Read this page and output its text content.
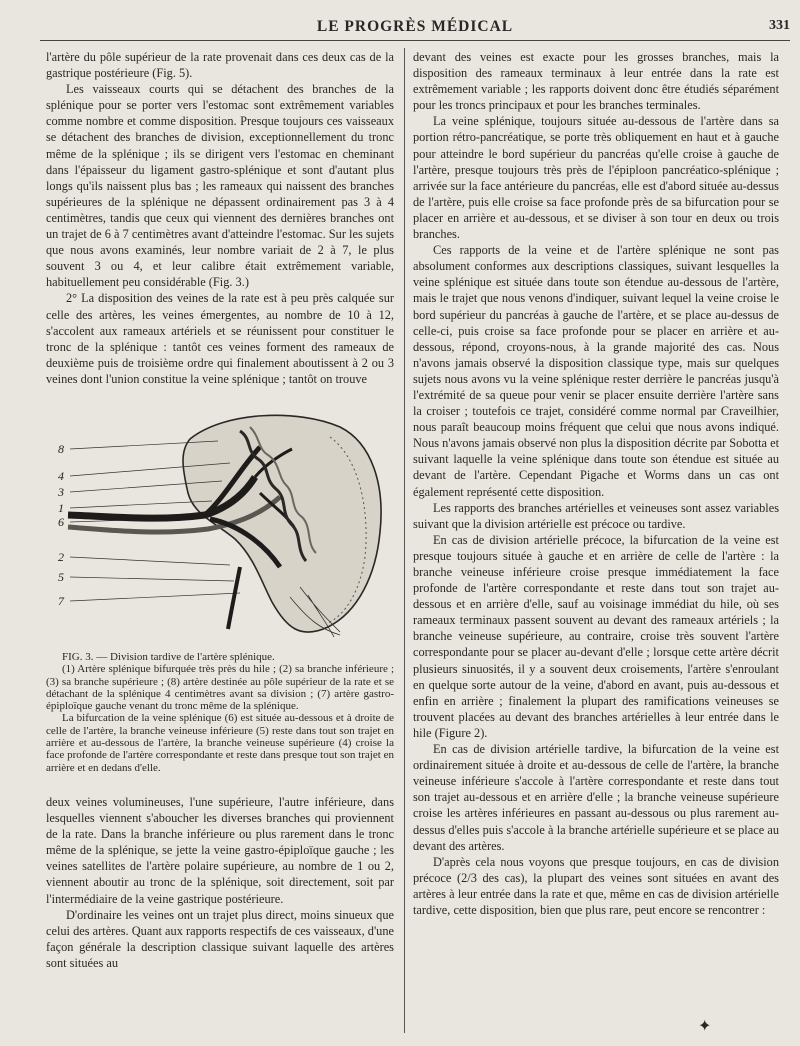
LE PROGRÈS MÉDICAL	331

l'artère du pôle supérieur de la rate provenait dans ces deux cas de la gastrique postérieure (Fig. 5).

Les vaisseaux courts qui se détachent des branches de la splénique pour se porter vers l'estomac sont extrêmement variables comme nombre et comme disposition. Presque toujours ces vaisseaux se détachent des branches de division, exceptionnellement du tronc même de la splénique ; ils se dirigent vers l'estomac en cheminant dans l'épaisseur du ligament gastro-splénique et sont d'autant plus longs qu'ils naissent plus bas ; les rameaux qui naissent des branches supérieures de la splénique ne dépassent ordinairement pas 3 à 4 centimètres, tandis que ceux qui viennent des dernières branches ont un trajet de 6 à 7 centimètres avant d'atteindre l'estomac. Sur les sujets que nous avons examinés, leur nombre variait de 2 à 7, le plus souvent 3 ou 4, et leur calibre était extrêmement variable, habituellement peu considérable (Fig. 3.)

2° La disposition des veines de la rate est à peu près calquée sur celle des artères, les veines émergentes, au nombre de 10 à 12, s'accolent aux rameaux artériels et se réunissent pour constituer le tronc de la splénique : tantôt ces veines forment des rameaux de deuxième puis de troisième ordre qui finalement aboutissent à 2 ou 3 veines dont l'union constitue la veine splénique ; tantôt on trouve

8
4
3
1
6
2
5
7

FIG. 3. — Division tardive de l'artère splénique.

(1) Artère splénique bifurquée très près du hile ; (2) sa branche inférieure ; (3) sa branche supérieure ; (8) artère destinée au pôle supérieur de la rate et se détachant de la splénique 4 centimètres avant sa division ; (7) artère gastro-épiploïque gauche venant du tronc même de la splénique.

La bifurcation de la veine splénique (6) est située au-dessous et à droite de celle de l'artère, la branche veineuse inférieure (5) reste dans tout son trajet en arrière et au-dessous de l'artère, la branche veineuse supérieure (4) croise la face profonde de l'artère correspondante et reste dans presque tout son trajet en arrière et en dedans d'elle.

deux veines volumineuses, l'une supérieure, l'autre inférieure, dans lesquelles viennent s'aboucher les diverses branches qui proviennent de la rate. Dans la branche inférieure ou plus rarement dans le tronc même de la splénique, se jette la veine gastro-épiploïque gauche ; les veines satellites de l'artère polaire supérieure, au nombre de 1 ou 2, viennent aboutir au tronc de la splénique, soit directement, soit par l'intermédiaire de la veine gastrique postérieure.

D'ordinaire les veines ont un trajet plus direct, moins sinueux que celui des artères. Quant aux rapports respectifs de ces vaisseaux, d'une façon générale la description classique suivant laquelle des artères sont situées au

devant des veines est exacte pour les grosses branches, mais la disposition des rameaux terminaux à leur entrée dans la rate est extrêmement variable ; les rapports doivent donc être étudiés séparément pour les troncs principaux et pour les branches terminales.

La veine splénique, toujours située au-dessous de l'artère dans sa portion rétro-pancréatique, se porte très obliquement en haut et à gauche pour atteindre le bord supérieur du pancréas qu'elle croise à gauche de l'artère, presque toujours très près de l'épiploon pancréatico-splénique ; arrivée sur la face antérieure du pancréas, elle est d'abord située au-dessus de l'artère, puis elle croise sa face profonde près de sa bifurcation pour se placer en arrière et au-dessous, et se diviser à son tour en deux ou trois branches.

Ces rapports de la veine et de l'artère splénique ne sont pas absolument conformes aux descriptions classiques, suivant lesquelles la veine splénique est située dans toute son étendue au-dessous de l'artère, mais le trajet que nous venons d'indiquer, suivant lequel la veine croise le bord supérieur du pancréas à gauche de l'artère, et se place au-dessus de celle-ci, puis croise sa face profonde pour se placer en arrière et au-dessous, répond, croyons-nous, à la grande majorité des cas. Nous n'avons jamais observé la disposition classique type, mais sur quelques sujets nous avons vu la veine splénique rester derrière le pancréas jusqu'à l'extrémité de sa queue pour venir se placer ensuite derrière l'artère sans la croiser ; toutefois ce trajet, considéré comme normal par Craveilhier, nous paraît beaucoup moins fréquent que celui que nous avons indiqué. Nous n'avons jamais observé non plus la disposition décrite par Sobotta et suivant laquelle la veine splénique dans toute son étendue est située au devant de l'artère. Cependant Pigache et Worms dans un cas ont également représenté cette disposition.

Les rapports des branches artérielles et veineuses sont assez variables suivant que la division artérielle est précoce ou tardive.

En cas de division artérielle précoce, la bifurcation de la veine est presque toujours située à gauche et en arrière de celle de l'artère : la branche veineuse inférieure croise presque immédiatement la face profonde de l'artère correspondante et reste dans tout son trajet au-dessous et en arrière d'elle, sauf au voisinage immédiat du hile, où ses rameaux terminaux passent souvent au devant des rameaux artériels ; la branche veineuse supérieure, au contraire, croise très souvent l'artère correspondante pour se placer au-devant d'elle ; lorsque cette artère décrit plusieurs sinuosités, il y a souvent deux croisements, l'artère s'enroulant en quelque sorte autour de la veine, d'abord en avant, puis au-dessous et enfin en arrière ; finalement la plupart des ramifications veineuses se trouvent placées au devant des branches artérielles à leur entrée dans le hile (Figure 2).

En cas de division artérielle tardive, la bifurcation de la veine est ordinairement située à droite et au-dessous de celle de l'artère, la branche veineuse inférieure s'accole à l'artère correspondante et reste dans tout son trajet au-dessous et en arrière d'elle ; la branche veineuse supérieure croise les artères inférieures en passant au-dessous ou plus rarement au-dessus d'elles puis s'accole à la branche artérielle supérieure et se place au devant des artères.

D'après cela nous voyons que presque toujours, en cas de division précoce (2/3 des cas), la plupart des veines sont situées en avant des artères à leur entrée dans la rate et que, même en cas de division artérielle tardive, cette disposition, bien que plus rare, peut encore se rencontrer :

✦
